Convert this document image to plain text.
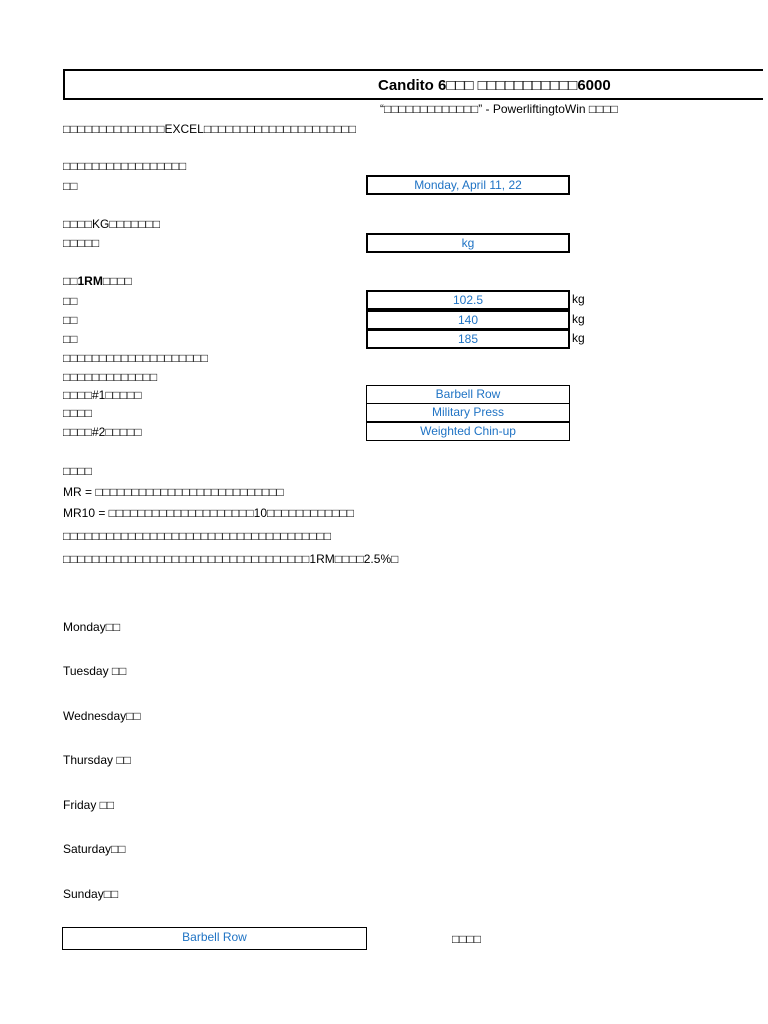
Candito 6□□□ □□□□□□□□□□□6000
“□□□□□□□□□□□□□” - PowerliftingtoWin □□□□
□□□□□□□□□□□□□□EXCEL□□□□□□□□□□□□□□□□□□□□□
□□□□□□□□□□□□□□□□□
□□	Monday, April 11, 22
□□□□KG□□□□□□□
□□□□□	kg
□□1RM□□□□
□□	102.5	kg
□□	140	kg
□□	185	kg
□□□□□□□□□□□□□□□□□□□□
□□□□□□□□□□□□□
□□□□#1□□□□□	Barbell Row
□□□□	Military Press
□□□□#2□□□□□	Weighted Chin-up
□□□□
MR = □□□□□□□□□□□□□□□□□□□□□□□□□□
MR10 = □□□□□□□□□□□□□□□□□□□□10□□□□□□□□□□□□
□□□□□□□□□□□□□□□□□□□□□□□□□□□□□□□□□□□□□
□□□□□□□□□□□□□□□□□□□□□□□□□□□□□□□□□□1RM□□□□2.5%□
Monday□□
Tuesday □□
Wednesday□□
Thursday □□
Friday □□
Saturday□□
Sunday□□
Barbell Row	□□□□
